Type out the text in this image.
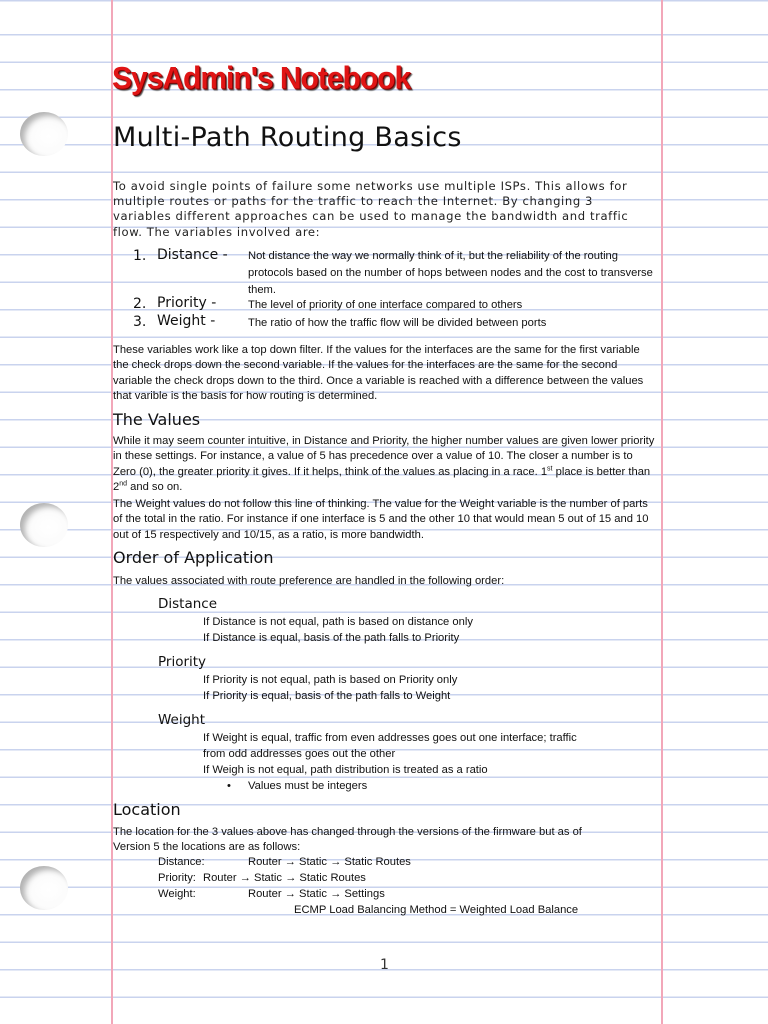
SysAdmin's Notebook
Multi-Path Routing Basics
To avoid single points of failure some networks use multiple ISPs. This allows for multiple routes or paths for the traffic to reach the Internet. By changing 3 variables different approaches can be used to manage the bandwidth and traffic flow. The variables involved are:
1. Distance - Not distance the way we normally think of it, but the reliability of the routing protocols based on the number of hops between nodes and the cost to transverse them.
2. Priority -	The level of priority of one interface compared to others
3. Weight -	The ratio of how the traffic flow will be divided between ports
These variables work like a top down filter. If the values for the interfaces are the same for the first variable the check drops down the second variable. If the values for the interfaces are the same for the second variable the check drops down to the third. Once a variable is reached with a difference between the values that varible is the basis for how routing is determined.
The Values
While it may seem counter intuitive, in Distance and Priority, the higher number values are given lower priority in these settings. For instance, a value of 5 has precedence over a value of 10. The closer a number is to Zero (0), the greater priority it gives. If it helps, think of the values as placing in a race. 1st place is better than 2nd and so on.
The Weight values do not follow this line of thinking. The value for the Weight variable is the number of parts of the total in the ratio. For instance if one interface is 5 and the other 10 that would mean 5 out of 15 and 10 out of 15 respectively and 10/15, as a ratio, is more bandwidth.
Order of Application
The values associated with route preference are handled in the following order:
Distance
If Distance is not equal, path is based on distance only
If Distance is equal, basis of the path falls to Priority
Priority
If Priority is not equal, path is based on Priority only
If Priority is equal, basis of the path falls to Weight
Weight
If Weight is equal, traffic from even addresses goes out one interface; traffic
from odd addresses goes out the other
If Weigh is not equal, path distribution is treated as a ratio
• Values must be integers
Location
The location for the 3 values above has changed through the versions of the firmware but as of
Version 5 the locations are as follows:
Distance:	Router → Static → Static Routes
Priority: Router → Static → Static Routes
Weight:	Router → Static → Settings
ECMP Load Balancing Method = Weighted Load Balance
1
